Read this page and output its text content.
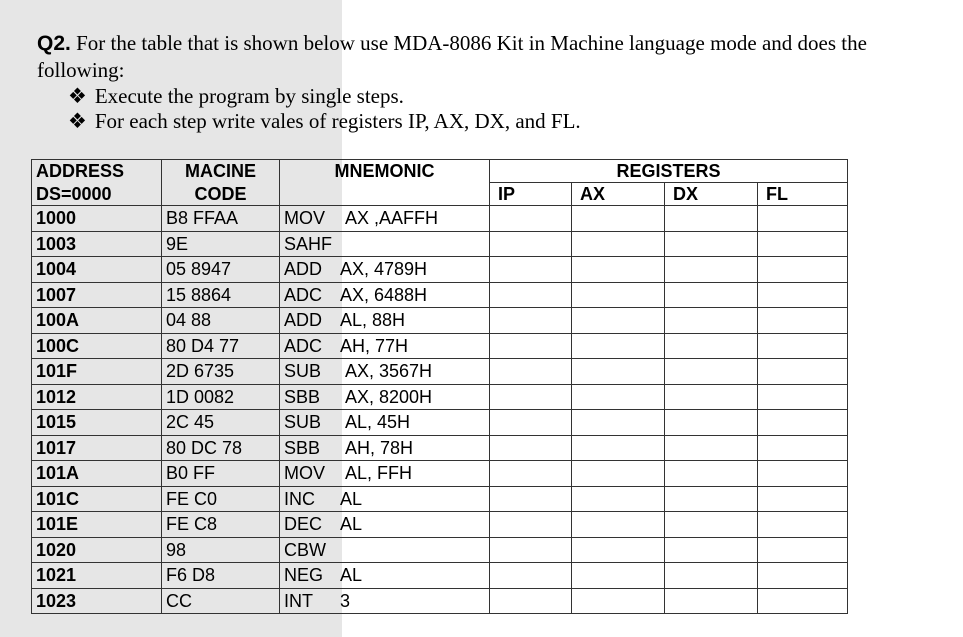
Q2. For the table that is shown below use MDA-8086 Kit in Machine language mode and does the following:
❖ Execute the program by single steps.
❖ For each step write vales of registers IP, AX, DX, and FL.
ADDRESS	MACINE	MNEMONIC	REGISTERS			
DS=0000	CODE		IP	AX	DX	FL
1000	B8 FFAA	MOV AX ,AAFFH				
1003	9E	SAHF				
1004	05 8947	ADD AX, 4789H				
1007	15 8864	ADC AX, 6488H				
100A	04 88	ADD AL, 88H				
100C	80 D4 77	ADC AH, 77H				
101F	2D 6735	SUB AX, 3567H				
1012	1D 0082	SBB AX, 8200H				
1015	2C 45	SUB AL, 45H				
1017	80 DC 78	SBB AH, 78H				
101A	B0 FF	MOV AL, FFH				
101C	FE C0	INC AL				
101E	FE C8	DEC AL				
1020	98	CBW				
1021	F6 D8	NEG AL				
1023	CC	INT 3				
